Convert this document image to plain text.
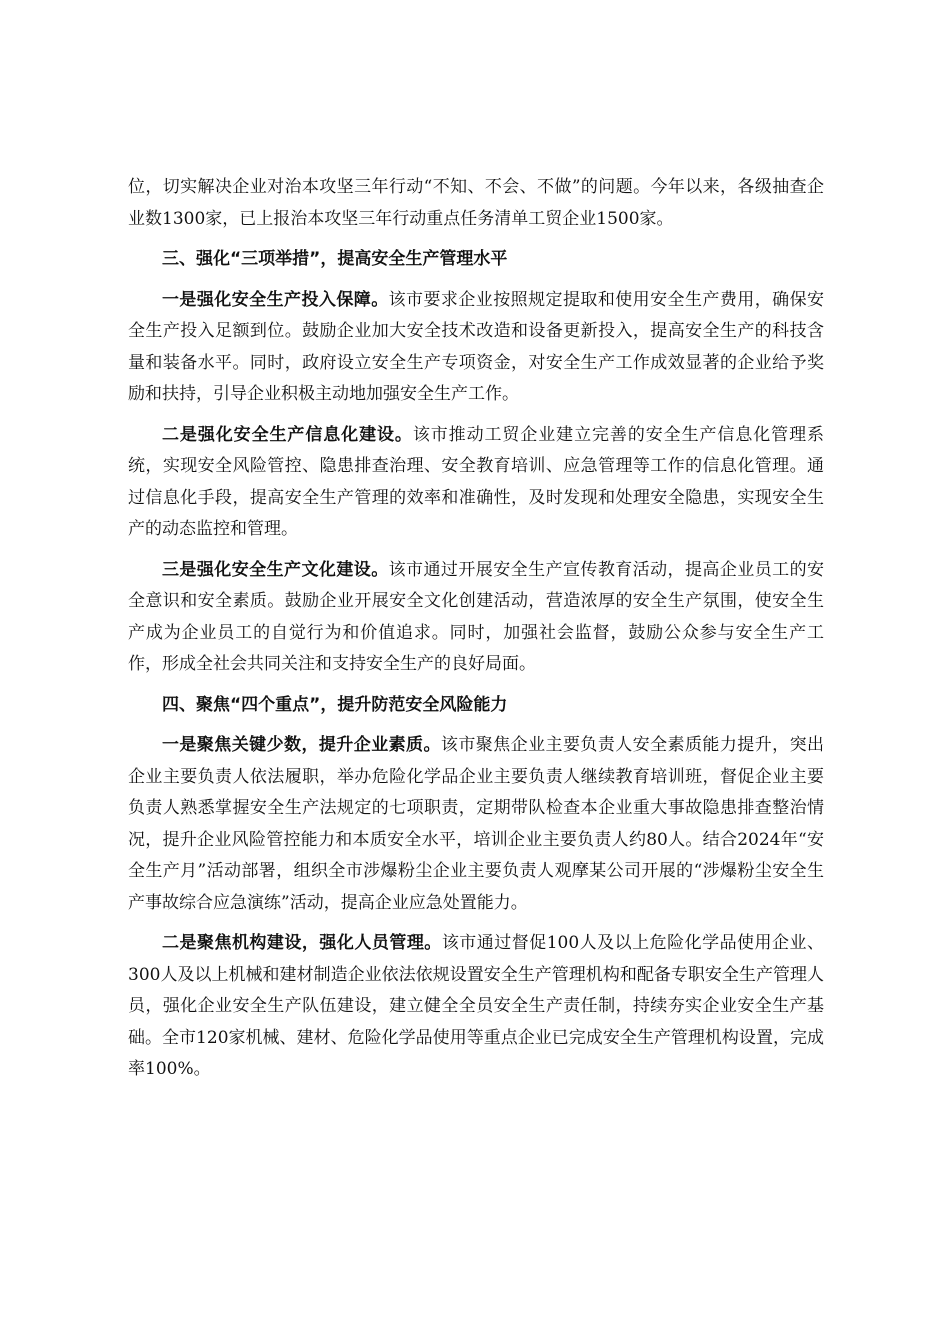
位，切实解决企业对治本攻坚三年行动“不知、不会、不做”的问题。今年以来，各级抽查企业数1300家，已上报治本攻坚三年行动重点任务清单工贸企业1500家。

三、强化“三项举措”，提高安全生产管理水平

一是强化安全生产投入保障。该市要求企业按照规定提取和使用安全生产费用，确保安全生产投入足额到位。鼓励企业加大安全技术改造和设备更新投入，提高安全生产的科技含量和装备水平。同时，政府设立安全生产专项资金，对安全生产工作成效显著的企业给予奖励和扶持，引导企业积极主动地加强安全生产工作。

二是强化安全生产信息化建设。该市推动工贸企业建立完善的安全生产信息化管理系统，实现安全风险管控、隐患排查治理、安全教育培训、应急管理等工作的信息化管理。通过信息化手段，提高安全生产管理的效率和准确性，及时发现和处理安全隐患，实现安全生产的动态监控和管理。

三是强化安全生产文化建设。该市通过开展安全生产宣传教育活动，提高企业员工的安全意识和安全素质。鼓励企业开展安全文化创建活动，营造浓厚的安全生产氛围，使安全生产成为企业员工的自觉行为和价值追求。同时，加强社会监督，鼓励公众参与安全生产工作，形成全社会共同关注和支持安全生产的良好局面。

四、聚焦“四个重点”，提升防范安全风险能力

一是聚焦关键少数，提升企业素质。该市聚焦企业主要负责人安全素质能力提升，突出企业主要负责人依法履职，举办危险化学品企业主要负责人继续教育培训班，督促企业主要负责人熟悉掌握安全生产法规定的七项职责，定期带队检查本企业重大事故隐患排查整治情况，提升企业风险管控能力和本质安全水平，培训企业主要负责人约80人。结合2024年“安全生产月”活动部署，组织全市涉爆粉尘企业主要负责人观摩某公司开展的“涉爆粉尘安全生产事故综合应急演练”活动，提高企业应急处置能力。

二是聚焦机构建设，强化人员管理。该市通过督促100人及以上危险化学品使用企业、300人及以上机械和建材制造企业依法依规设置安全生产管理机构和配备专职安全生产管理人员，强化企业安全生产队伍建设，建立健全全员安全生产责任制，持续夯实企业安全生产基础。全市120家机械、建材、危险化学品使用等重点企业已完成安全生产管理机构设置，完成率100%。
